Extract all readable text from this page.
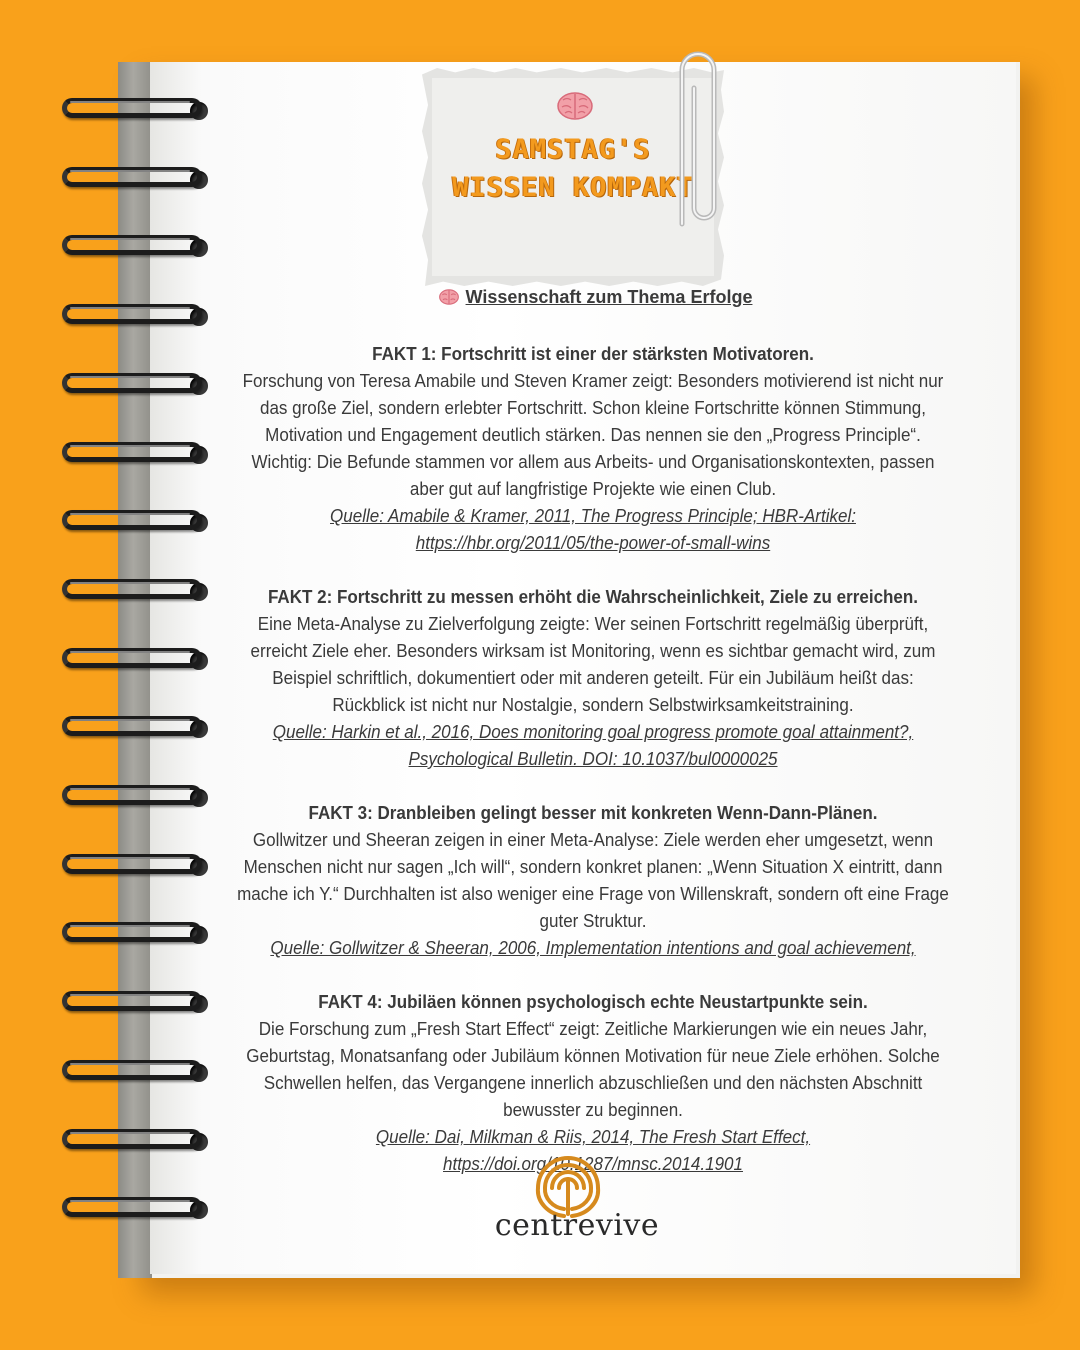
SAMSTAG'S
WISSEN KOMPAKT
Wissenschaft zum Thema Erfolge
FAKT 1: Fortschritt ist einer der stärksten Motivatoren.
Forschung von Teresa Amabile und Steven Kramer zeigt: Besonders motivierend ist nicht nur das große Ziel, sondern erlebter Fortschritt. Schon kleine Fortschritte können Stimmung, Motivation und Engagement deutlich stärken. Das nennen sie den „Progress Principle“. Wichtig: Die Befunde stammen vor allem aus Arbeits- und Organisationskontexten, passen aber gut auf langfristige Projekte wie einen Club.
Quelle: Amabile & Kramer, 2011, The Progress Principle; HBR-Artikel: https://hbr.org/2011/05/the-power-of-small-wins
FAKT 2: Fortschritt zu messen erhöht die Wahrscheinlichkeit, Ziele zu erreichen.
Eine Meta-Analyse zu Zielverfolgung zeigte: Wer seinen Fortschritt regelmäßig überprüft, erreicht Ziele eher. Besonders wirksam ist Monitoring, wenn es sichtbar gemacht wird, zum Beispiel schriftlich, dokumentiert oder mit anderen geteilt. Für ein Jubiläum heißt das: Rückblick ist nicht nur Nostalgie, sondern Selbstwirksamkeitstraining.
Quelle: Harkin et al., 2016, Does monitoring goal progress promote goal attainment?, Psychological Bulletin. DOI: 10.1037/bul0000025
FAKT 3: Dranbleiben gelingt besser mit konkreten Wenn-Dann-Plänen.
Gollwitzer und Sheeran zeigen in einer Meta-Analyse: Ziele werden eher umgesetzt, wenn Menschen nicht nur sagen „Ich will“, sondern konkret planen: „Wenn Situation X eintritt, dann mache ich Y.“ Durchhalten ist also weniger eine Frage von Willenskraft, sondern oft eine Frage guter Struktur.
Quelle: Gollwitzer & Sheeran, 2006, Implementation intentions and goal achievement,
FAKT 4: Jubiläen können psychologisch echte Neustartpunkte sein.
Die Forschung zum „Fresh Start Effect“ zeigt: Zeitliche Markierungen wie ein neues Jahr, Geburtstag, Monatsanfang oder Jubiläum können Motivation für neue Ziele erhöhen. Solche Schwellen helfen, das Vergangene innerlich abzuschließen und den nächsten Abschnitt bewusster zu beginnen.
Quelle: Dai, Milkman & Riis, 2014, The Fresh Start Effect, https://doi.org/10.1287/mnsc.2014.1901
centrevive
